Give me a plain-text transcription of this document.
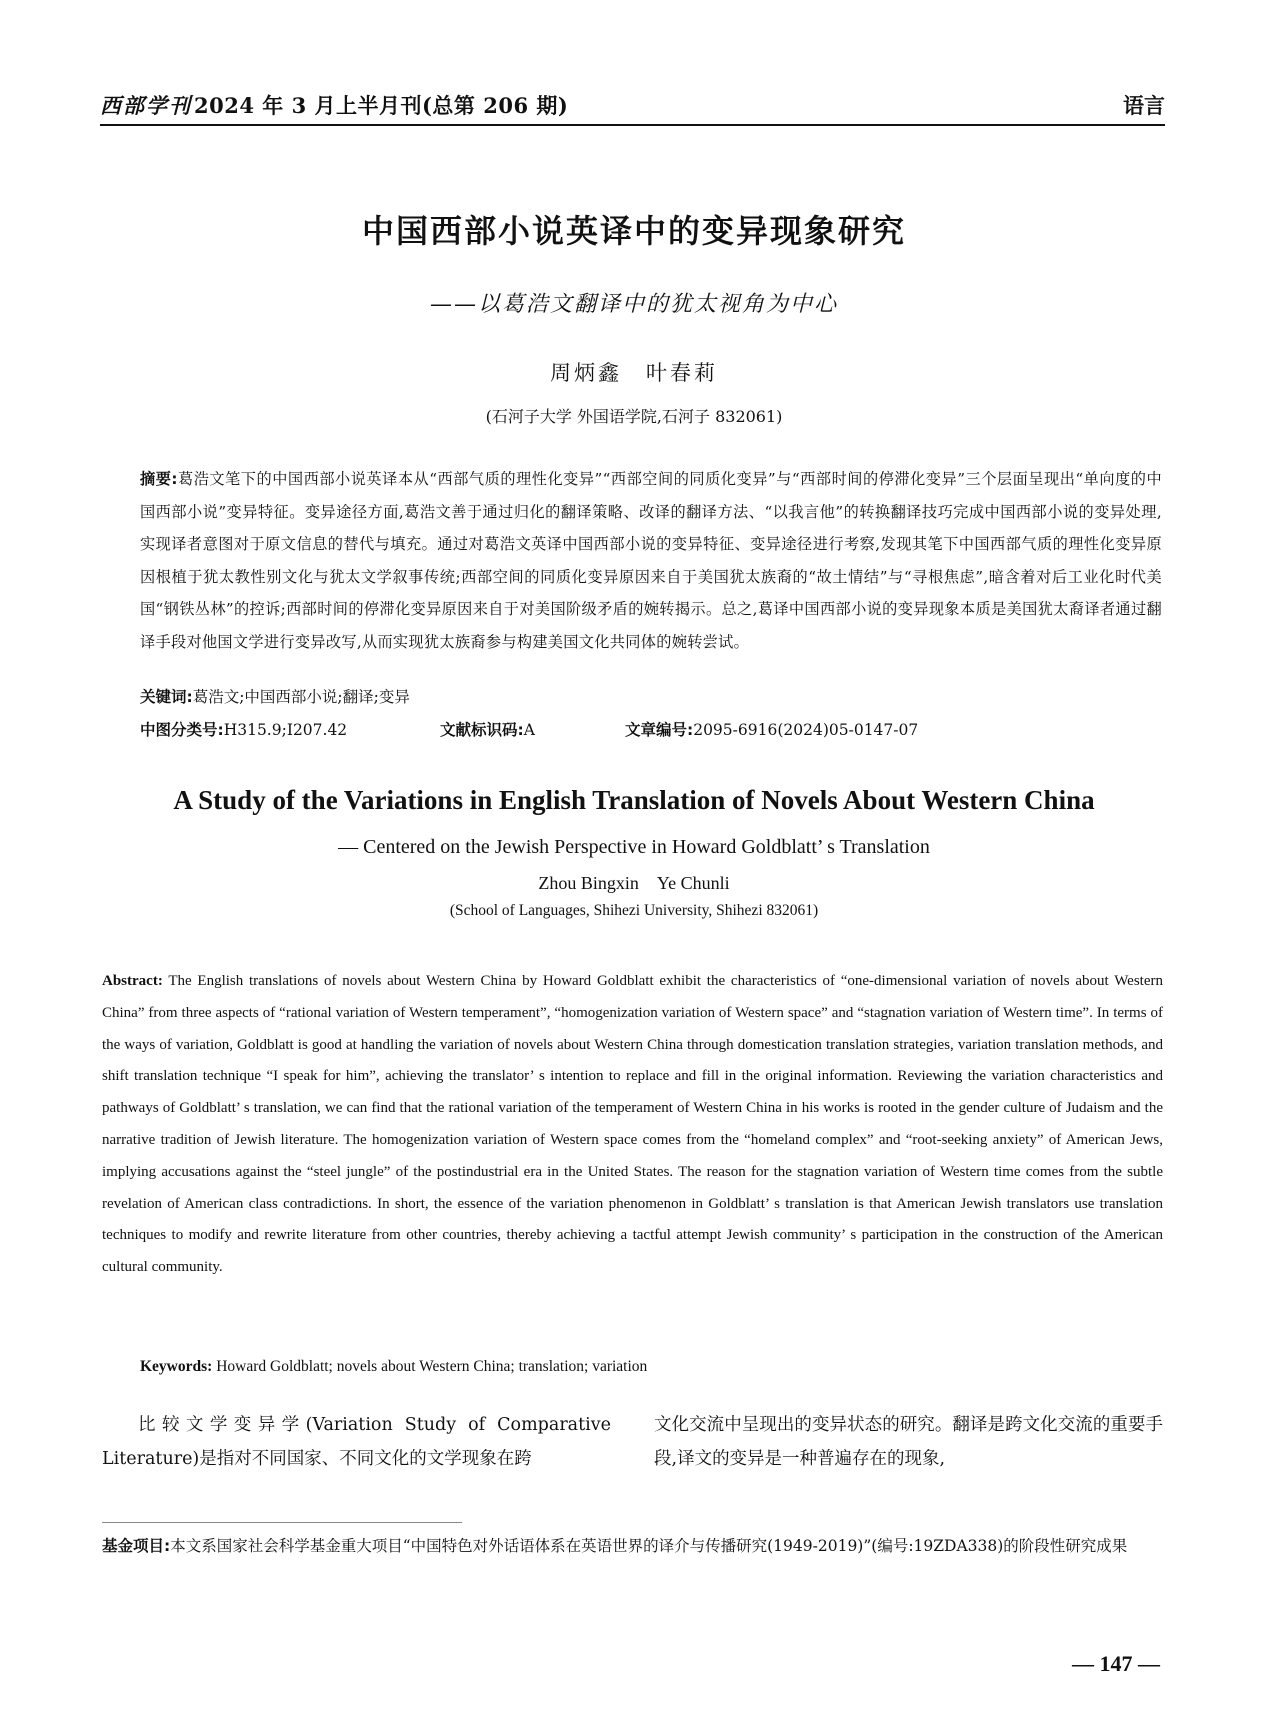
西部学刊2024 年 3 月上半月刊(总第 206 期)	语言
中国西部小说英译中的变异现象研究
——以葛浩文翻译中的犹太视角为中心
周炳鑫　叶春莉
(石河子大学 外国语学院,石河子 832061)
摘要:葛浩文笔下的中国西部小说英译本从“西部气质的理性化变异”“西部空间的同质化变异”与“西部时间的停滞化变异”三个层面呈现出“单向度的中国西部小说”变异特征。变异途径方面,葛浩文善于通过归化的翻译策略、改译的翻译方法、“以我言他”的转换翻译技巧完成中国西部小说的变异处理,实现译者意图对于原文信息的替代与填充。通过对葛浩文英译中国西部小说的变异特征、变异途径进行考察,发现其笔下中国西部气质的理性化变异原因根植于犹太教性别文化与犹太文学叙事传统;西部空间的同质化变异原因来自于美国犹太族裔的“故土情结”与“寻根焦虑”,暗含着对后工业化时代美国“钢铁丛林”的控诉;西部时间的停滞化变异原因来自于对美国阶级矛盾的婉转揭示。总之,葛译中国西部小说的变异现象本质是美国犹太裔译者通过翻译手段对他国文学进行变异改写,从而实现犹太族裔参与构建美国文化共同体的婉转尝试。
关键词:葛浩文;中国西部小说;翻译;变异
中图分类号:H315.9;I207.42	文献标识码:A	文章编号:2095-6916(2024)05-0147-07
A Study of the Variations in English Translation of Novels About Western China
— Centered on the Jewish Perspective in Howard Goldblatt’ s Translation
Zhou Bingxin　Ye Chunli
(School of Languages, Shihezi University, Shihezi 832061)
Abstract: The English translations of novels about Western China by Howard Goldblatt exhibit the characteristics of “one-dimensional variation of novels about Western China” from three aspects of “rational variation of Western temperament”, “homogenization variation of Western space” and “stagnation variation of Western time”. In terms of the ways of variation, Goldblatt is good at handling the variation of novels about Western China through domestication translation strategies, variation translation methods, and shift translation technique “I speak for him”, achieving the translator’ s intention to replace and fill in the original information. Reviewing the variation characteristics and pathways of Goldblatt’ s translation, we can find that the rational variation of the temperament of Western China in his works is rooted in the gender culture of Judaism and the narrative tradition of Jewish literature. The homogenization variation of Western space comes from the “homeland complex” and “root-seeking anxiety” of American Jews, implying accusations against the “steel jungle” of the postindustrial era in the United States. The reason for the stagnation variation of Western time comes from the subtle revelation of American class contradictions. In short, the essence of the variation phenomenon in Goldblatt’ s translation is that American Jewish translators use translation techniques to modify and rewrite literature from other countries, thereby achieving a tactful attempt Jewish community’ s participation in the construction of the American cultural community.
Keywords: Howard Goldblatt; novels about Western China; translation; variation
比较文学变异学(Variation Study of Comparative Literature)是指对不同国家、不同文化的文学现象在跨
文化交流中呈现出的变异状态的研究。翻译是跨文化交流的重要手段,译文的变异是一种普遍存在的现象,
基金项目:本文系国家社会科学基金重大项目“中国特色对外话语体系在英语世界的译介与传播研究(1949-2019)”(编号:19ZDA338)的阶段性研究成果
— 147 —
